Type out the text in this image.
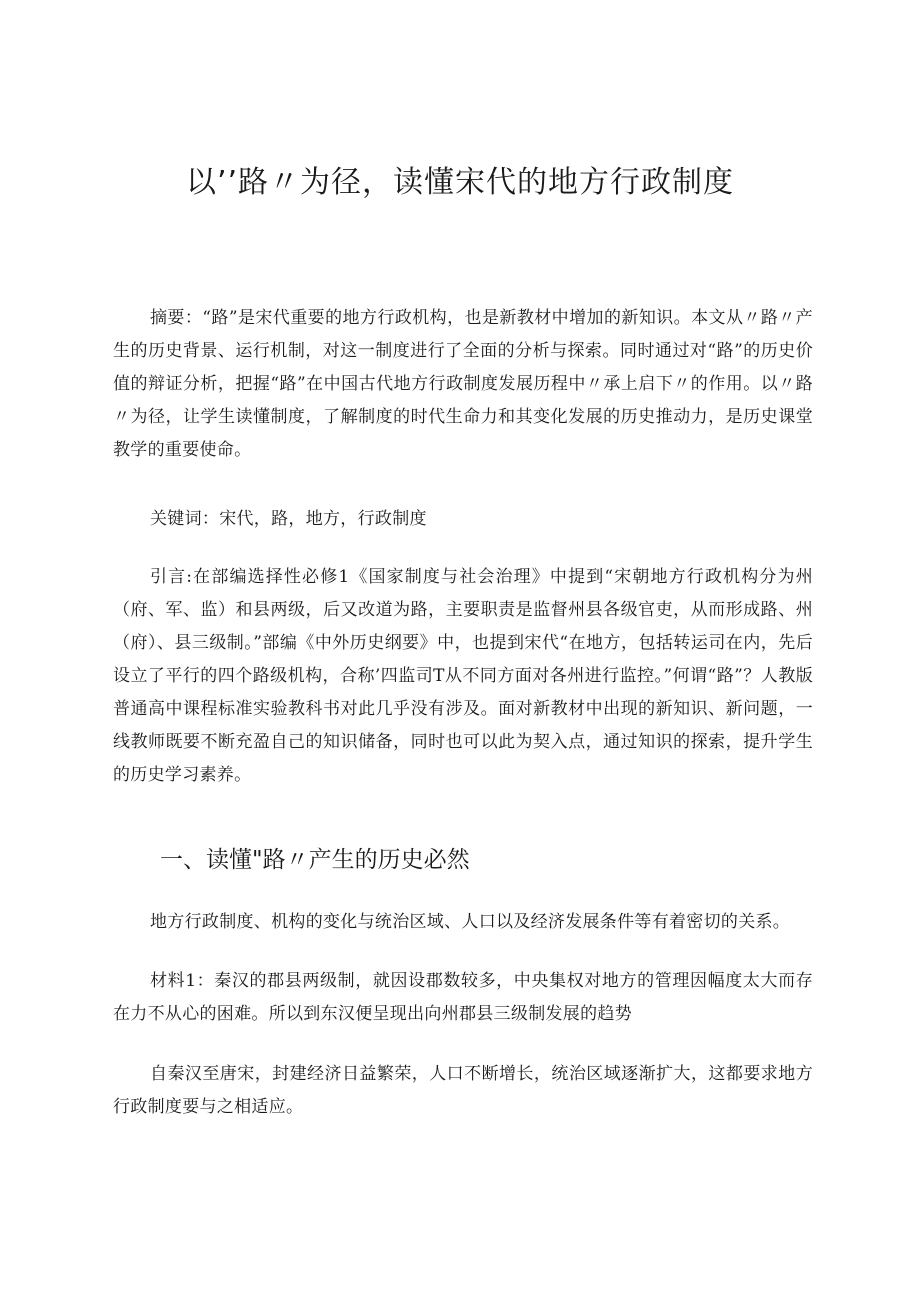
以’’路〃为径，读懂宋代的地方行政制度

摘要：“路”是宋代重要的地方行政机构，也是新教材中增加的新知识。本文从〃路〃产生的历史背景、运行机制，对这一制度进行了全面的分析与探索。同时通过对“路”的历史价值的辩证分析，把握“路”在中国古代地方行政制度发展历程中〃承上启下〃的作用。以〃路〃为径，让学生读懂制度，了解制度的时代生命力和其变化发展的历史推动力，是历史课堂教学的重要使命。

关键词：宋代，路，地方，行政制度

引言:在部编选择性必修1《国家制度与社会治理》中提到“宋朝地方行政机构分为州（府、军、监）和县两级，后又改道为路，主要职责是监督州县各级官吏，从而形成路、州（府）、县三级制。”部编《中外历史纲要》中，也提到宋代“在地方，包括转运司在内，先后设立了平行的四个路级机构，合称’四监司T从不同方面对各州进行监控。”何谓“路”？人教版普通高中课程标准实验教科书对此几乎没有涉及。面对新教材中出现的新知识、新问题，一线教师既要不断充盈自己的知识储备，同时也可以此为契入点，通过知识的探索，提升学生的历史学习素养。

一、读懂"路〃产生的历史必然

地方行政制度、机构的变化与统治区域、人口以及经济发展条件等有着密切的关系。

材料1：秦汉的郡县两级制，就因设郡数较多，中央集权对地方的管理因幅度太大而存在力不从心的困难。所以到东汉便呈现出向州郡县三级制发展的趋势

自秦汉至唐宋，封建经济日益繁荣，人口不断增长，统治区域逐渐扩大，这都要求地方行政制度要与之相适应。
